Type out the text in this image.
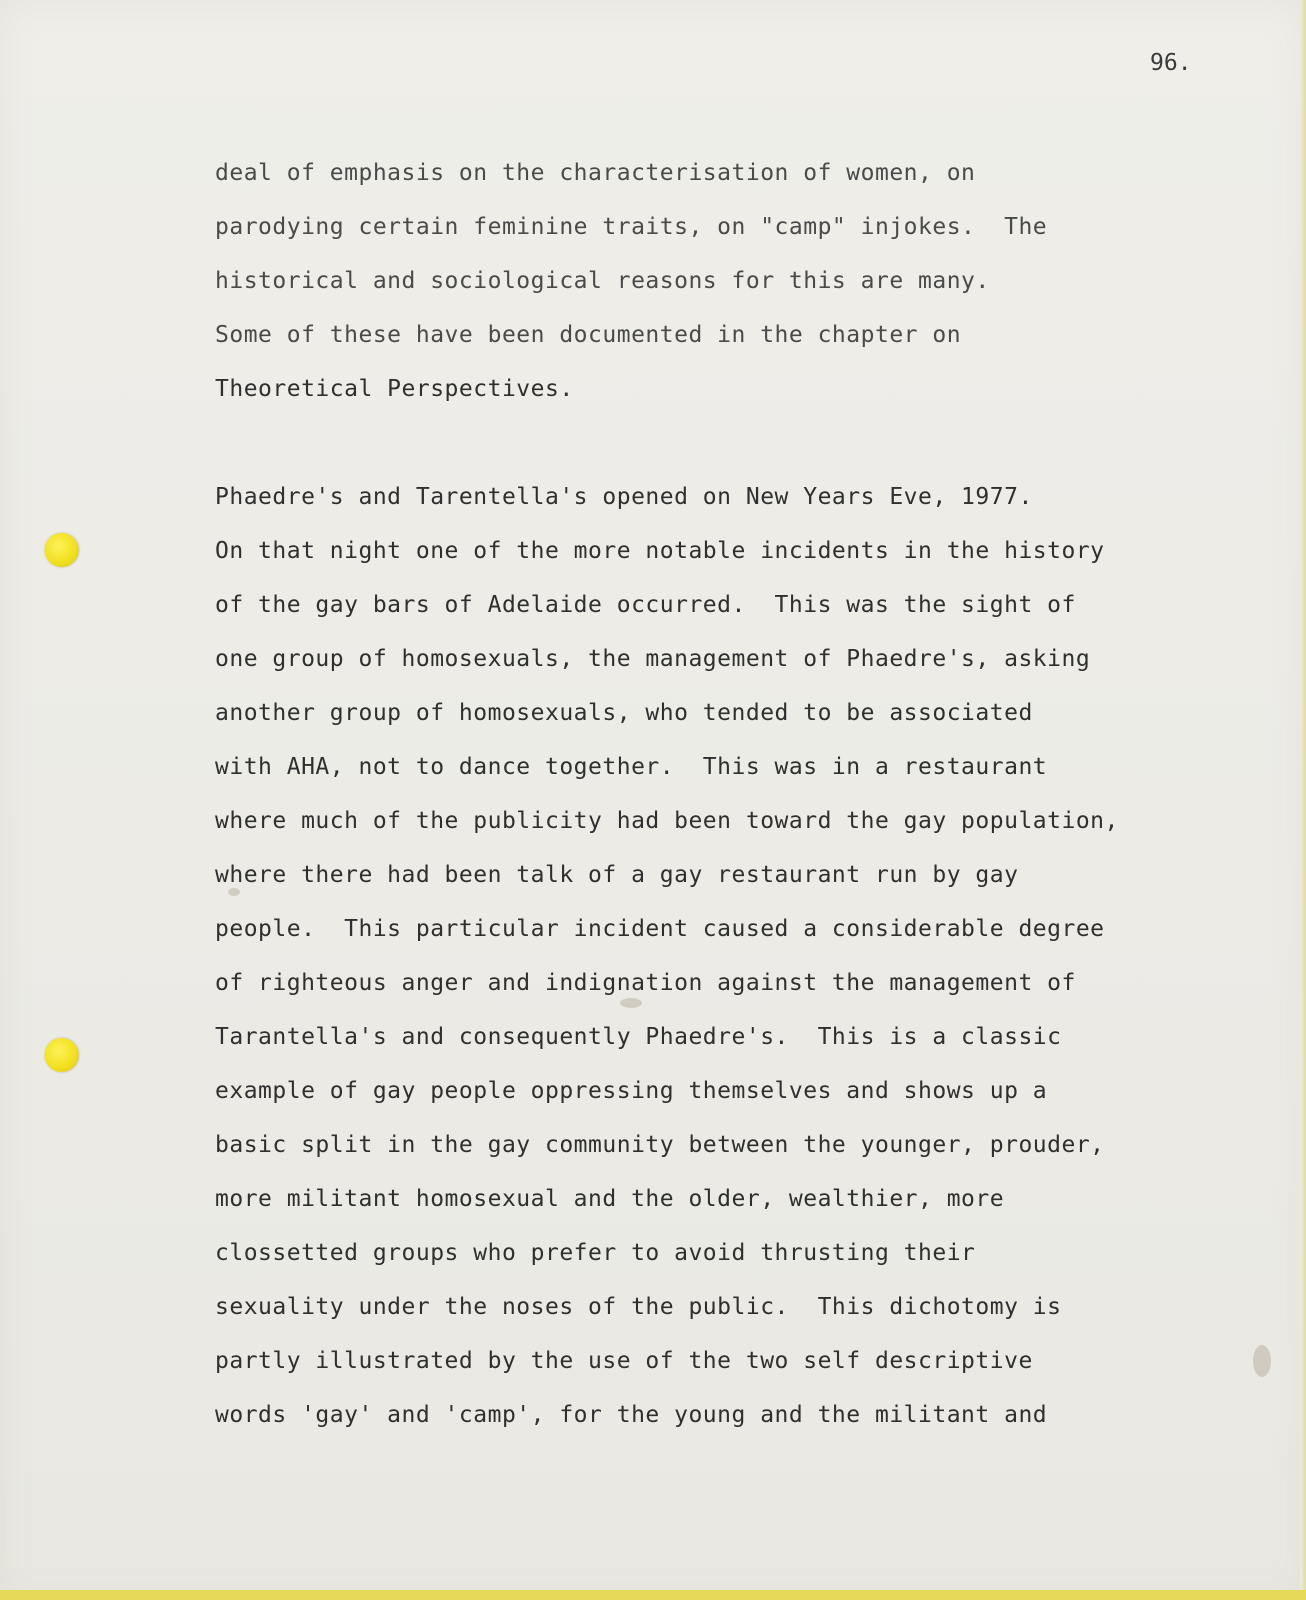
96.
deal of emphasis on the characterisation of women, on
parodying certain feminine traits, on "camp" injokes.  The
historical and sociological reasons for this are many.
Some of these have been documented in the chapter on
Theoretical Perspectives.
Phaedre's and Tarentella's opened on New Years Eve, 1977.
On that night one of the more notable incidents in the history
of the gay bars of Adelaide occurred.  This was the sight of
one group of homosexuals, the management of Phaedre's, asking
another group of homosexuals, who tended to be associated
with AHA, not to dance together.  This was in a restaurant
where much of the publicity had been toward the gay population,
where there had been talk of a gay restaurant run by gay
people.  This particular incident caused a considerable degree
of righteous anger and indignation against the management of
Tarantella's and consequently Phaedre's.  This is a classic
example of gay people oppressing themselves and shows up a
basic split in the gay community between the younger, prouder,
more militant homosexual and the older, wealthier, more
clossetted groups who prefer to avoid thrusting their
sexuality under the noses of the public.  This dichotomy is
partly illustrated by the use of the two self descriptive
words 'gay' and 'camp', for the young and the militant and
